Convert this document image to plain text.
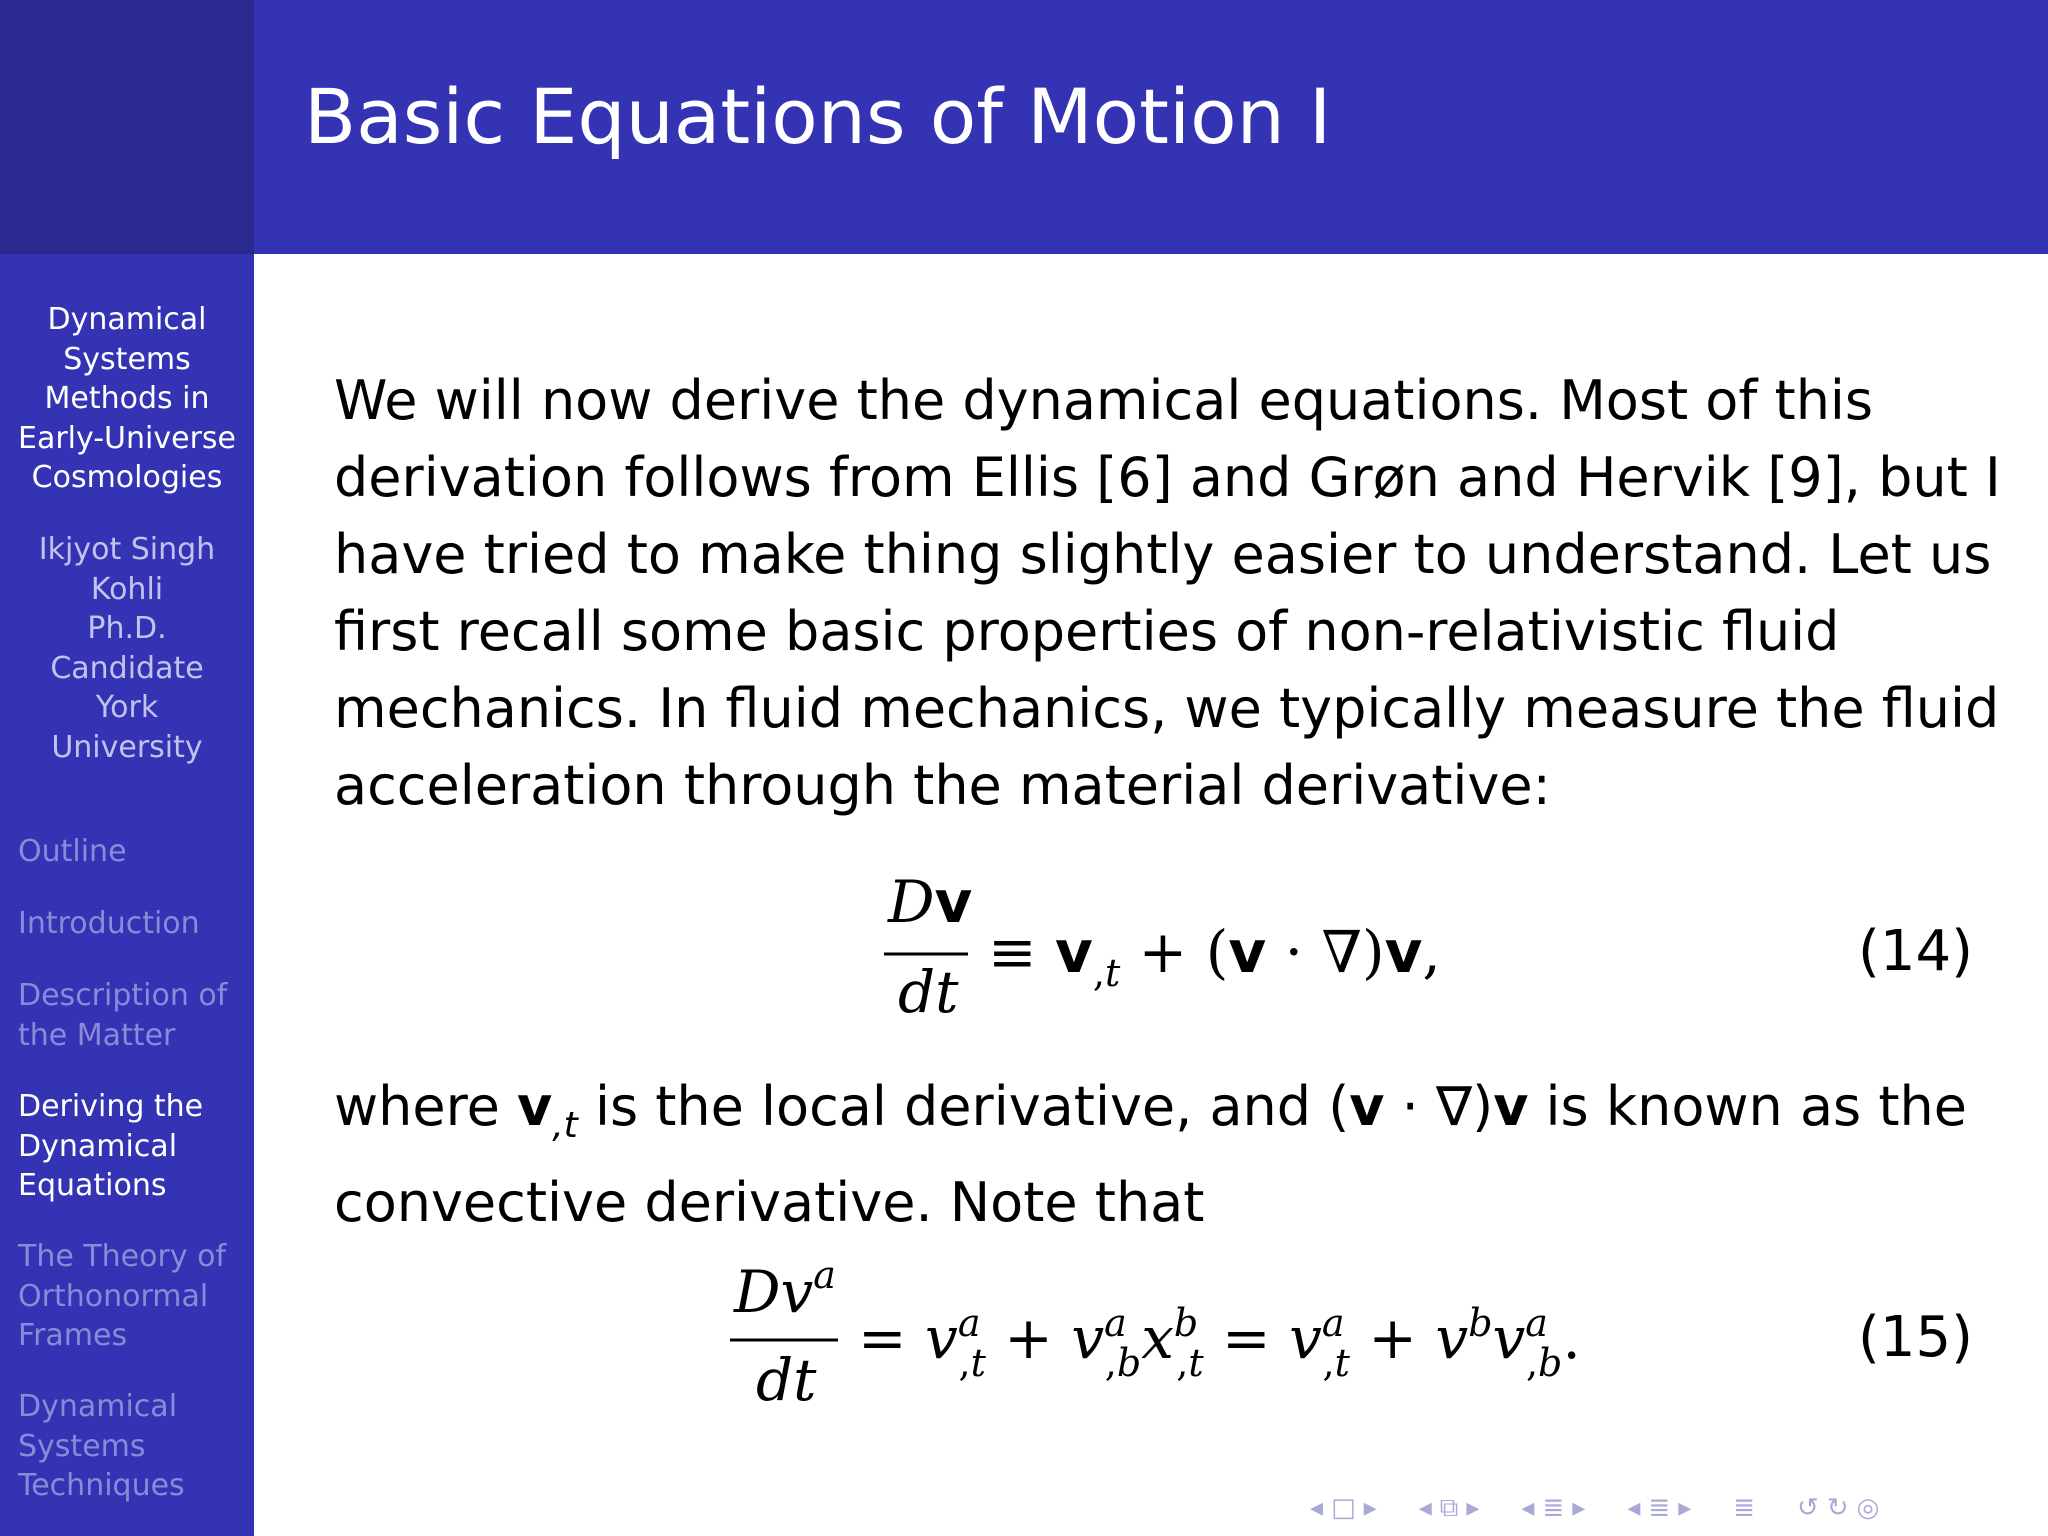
Dynamical
Systems
Methods in
Early-Universe
Cosmologies
Ikjyot Singh
Kohli
Ph.D.
Candidate
York
University
Outline
Introduction
Description of
the Matter
Deriving the
Dynamical
Equations
The Theory of
Orthonormal
Frames
Dynamical
Systems
Techniques
Basic Equations of Motion I
We will now derive the dynamical equations. Most of this
derivation follows from Ellis [6] and Grøn and Hervik [9], but I
have tried to make thing slightly easier to understand. Let us
first recall some basic properties of non-relativistic fluid
mechanics. In fluid mechanics, we typically measure the fluid
acceleration through the material derivative:
where $v_{,t}$ is the local derivative, and (v · ∇)v is known as the
convective derivative. Note that
Dv
dt
≡ $v_,t + (v \cdot \nabla)v$,	(14)
Dv$^a$
dt
= $v^a$ $,t + v^a$ $,bx^b$ $,t = v^a$ $,t + v^bv^a$ ,b.	(15)
◂ □ ▸ ◂ ⧉ ▸ ◂ ≣ ▸ ◂ ≣ ▸ ≣ ↺ ↻ ◎
